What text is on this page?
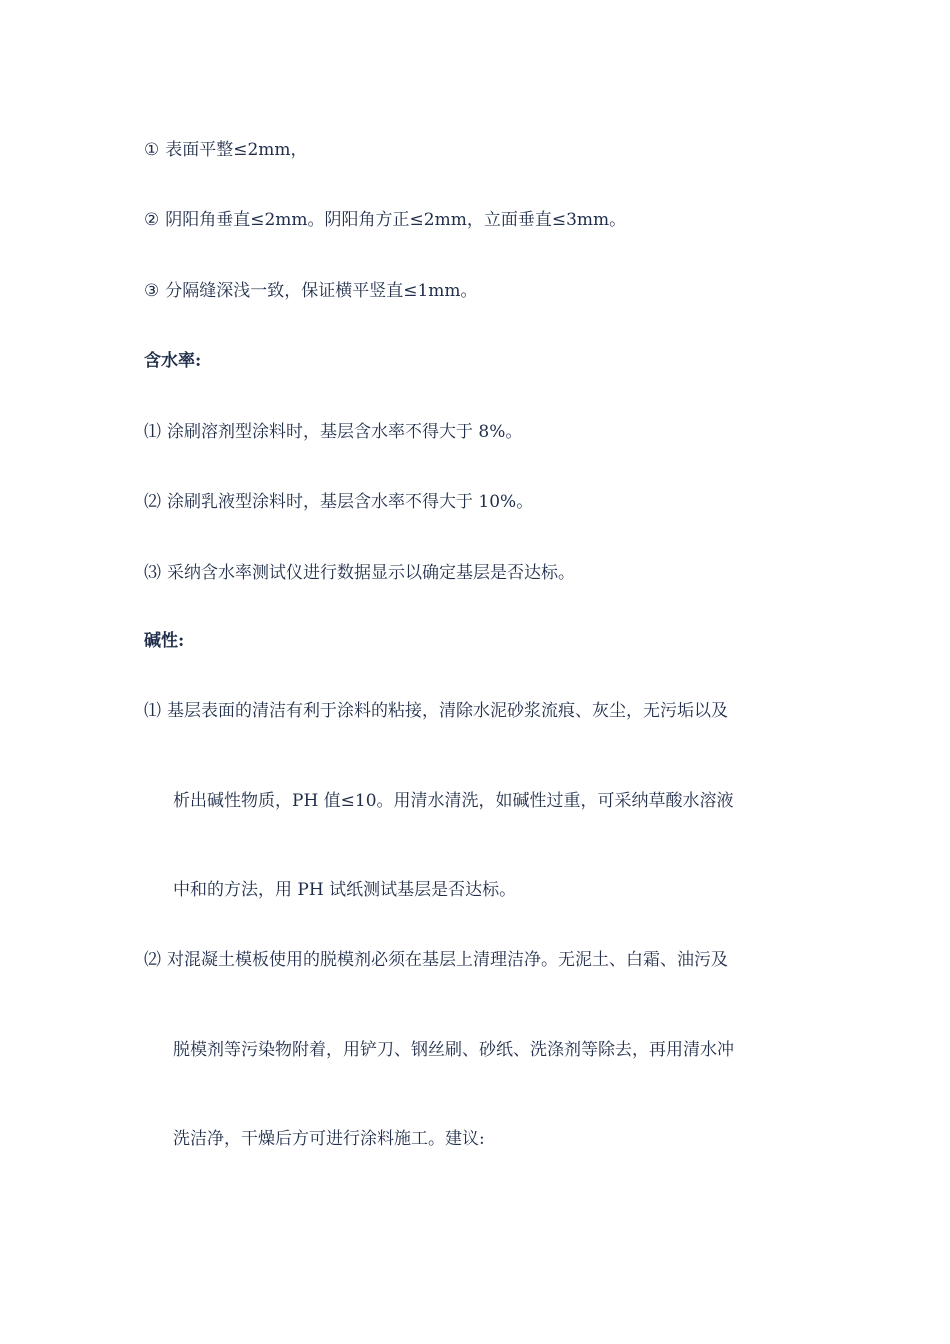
① 表面平整≤2mm，
② 阴阳角垂直≤2mm。阴阳角方正≤2mm，立面垂直≤3mm。
③ 分隔缝深浅一致，保证横平竖直≤1mm。
含水率:
⑴ 涂刷溶剂型涂料时，基层含水率不得大于 8%。
⑵ 涂刷乳液型涂料时，基层含水率不得大于 10%。
⑶ 采纳含水率测试仪进行数据显示以确定基层是否达标。
碱性:
⑴ 基层表面的清洁有利于涂料的粘接，清除水泥砂浆流痕、灰尘，无污垢以及
析出碱性物质，PH 值≤10。用清水清洗，如碱性过重，可采纳草酸水溶液
中和的方法，用 PH 试纸测试基层是否达标。
⑵ 对混凝土模板使用的脱模剂必须在基层上清理洁净。无泥土、白霜、油污及
脱模剂等污染物附着，用铲刀、钢丝刷、砂纸、洗涤剂等除去，再用清水冲
洗洁净，干燥后方可进行涂料施工。建议:
